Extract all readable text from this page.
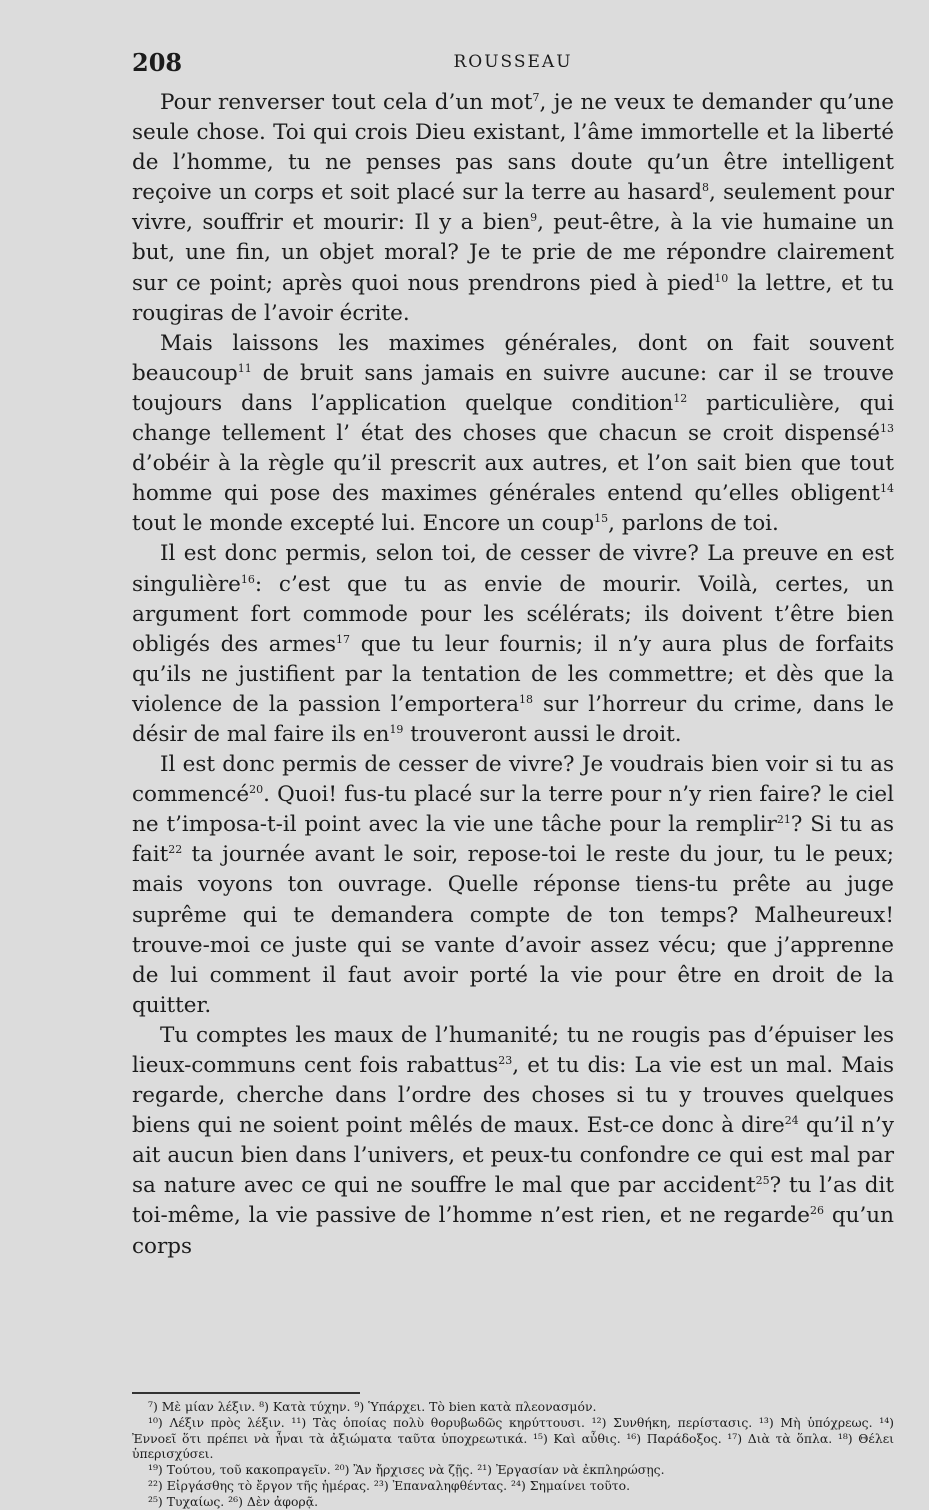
208	ROUSSEAU

Pour renverser tout cela d’un mot$^7$, je ne veux te demander qu’une seule chose. Toi qui crois Dieu existant, l’âme immortelle et la liberté de l’homme, tu ne penses pas sans doute qu’un être intelligent reçoive un corps et soit placé sur la terre au hasard$^8$, seulement pour vivre, souffrir et mourir: Il y a bien$^9$, peut-être, à la vie humaine un but, une fin, un objet moral? Je te prie de me répondre clairement sur ce point; après quoi nous prendrons pied à pied$^{10}$ la lettre, et tu rougiras de l’avoir écrite.

Mais laissons les maximes générales, dont on fait souvent beaucoup$^{11}$ de bruit sans jamais en suivre aucune: car il se trouve toujours dans l’application quelque condition$^{12}$ particulière, qui change tellement l’ état des choses que chacun se croit dispensé$^{13}$ d’obéir à la règle qu’il prescrit aux autres, et l’on sait bien que tout homme qui pose des maximes générales entend qu’elles obligent$^{14}$ tout le monde excepté lui. Encore un coup$^{15}$, parlons de toi.

Il est donc permis, selon toi, de cesser de vivre? La preuve en est singulière$^{16}$: c’est que tu as envie de mourir. Voilà, certes, un argument fort commode pour les scélérats; ils doivent t’être bien obligés des armes$^{17}$ que tu leur fournis; il n’y aura plus de forfaits qu’ils ne justifient par la tentation de les commettre; et dès que la violence de la passion l’emportera$^{18}$ sur l’horreur du crime, dans le désir de mal faire ils $en^{19}$ trouveront aussi le droit.

Il est donc permis de cesser de vivre? Je voudrais bien voir si tu as commencé$^{20}$. Quoi! fus-tu placé sur la terre pour n’y rien faire? le ciel ne t’imposa-t-il point avec la vie une tâche pour la remplir$^{21}$? Si tu as fait$^{22}$ ta journée avant le soir, repose-toi le reste du jour, tu le peux; mais voyons ton ouvrage. Quelle réponse tiens-tu prête au juge suprême qui te demandera compte de ton temps? Malheureux! trouve-moi ce juste qui se vante d’avoir assez vécu; que j’apprenne de lui comment il faut avoir porté la vie pour être en droit de la quitter.

Tu comptes les maux de l’humanité; tu ne rougis pas d’épuiser les lieux-communs cent fois rabattus$^{23}$, et tu dis: La vie est un mal. Mais regarde, cherche dans l’ordre des choses si tu y trouves quelques biens qui ne soient point mêlés de maux. Est-ce donc à dire$^{24}$ qu’il n’y ait aucun bien dans l’univers, et peux-tu confondre ce qui est mal par sa nature avec ce qui ne souffre le mal que par accident$^{25}$? tu l’as dit toi-même, la vie passive de l’homme n’est rien, et ne regarde$^{26}$ qu’un corps

⁷) Μὲ μίαν λέξιν. ⁸) Κατὰ τύχην. ⁹) Ὑπάρχει. Τὸ bien κατὰ πλεονασμόν.

¹⁰) Λέξιν πρὸς λέξιν. ¹¹) Τὰς ὁποίας πολὺ θορυβωδῶς κηρύττουσι. ¹²) Συνθήκη, περίστασις. ¹³) Μὴ ὑπόχρεως. ¹⁴) Ἐννοεῖ ὅτι πρέπει νὰ ἦναι τὰ ἀξιώματα ταῦτα ὑποχρεωτικά. ¹⁵) Καὶ αὖθις. ¹⁶) Παράδοξος. ¹⁷) Διὰ τὰ ὅπλα. ¹⁸) Θέλει ὑπερισχύσει.

¹⁹) Τούτου, τοῦ κακοπραγεῖν. ²⁰) Ἂν ἤρχισες νὰ ζῇς. ²¹) Ἐργασίαν νὰ ἐκπληρώσῃς.

²²) Εἰργάσθης τὸ ἔργον τῆς ἡμέρας. ²³) Ἐπαναληφθέντας. ²⁴) Σημαίνει τοῦτο.

²⁵) Τυχαίως. ²⁶) Δὲν ἀφορᾷ.
